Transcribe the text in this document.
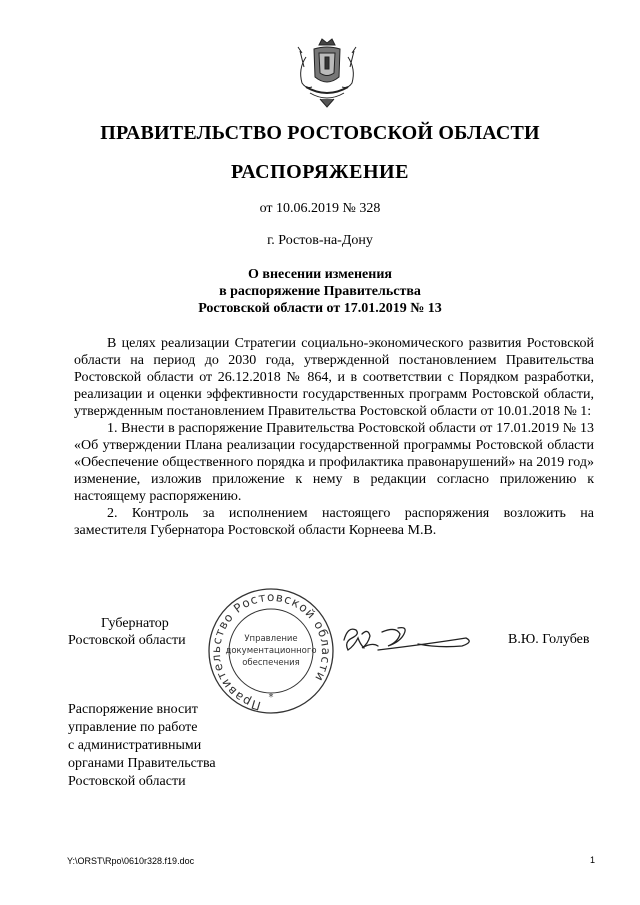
ПРАВИТЕЛЬСТВО РОСТОВСКОЙ ОБЛАСТИ
РАСПОРЯЖЕНИЕ
от 10.06.2019 № 328
г. Ростов-на-Дону
О внесении изменения
в распоряжение Правительства
Ростовской области от 17.01.2019 № 13

В целях реализации Стратегии социально-экономического развития Ростовской области на период до 2030 года, утвержденной постановлением Правительства Ростовской области от 26.12.2018 № 864, и в соответствии с Порядком разработки, реализации и оценки эффективности государственных программ Ростовской области, утвержденным постановлением Правительства Ростовской области от 10.01.2018 № 1:

1. Внести в распоряжение Правительства Ростовской области от 17.01.2019 № 13 «Об утверждении Плана реализации государственной программы Ростовской области «Обеспечение общественного порядка и профилактика правонарушений» на 2019 год» изменение, изложив приложение к нему в редакции согласно приложению к настоящему распоряжению.

2. Контроль за исполнением настоящего распоряжения возложить на заместителя Губернатора Ростовской области Корнеева М.В.

Губернатор
Ростовской области
Правительство Ростовской области
Управление
документационного
обеспечения
*
В.Ю. Голубев
Распоряжение вносит
управление по работе
с административными
органами Правительства
Ростовской области
Y:\ORST\Rpo\0610r328.f19.doc	1
